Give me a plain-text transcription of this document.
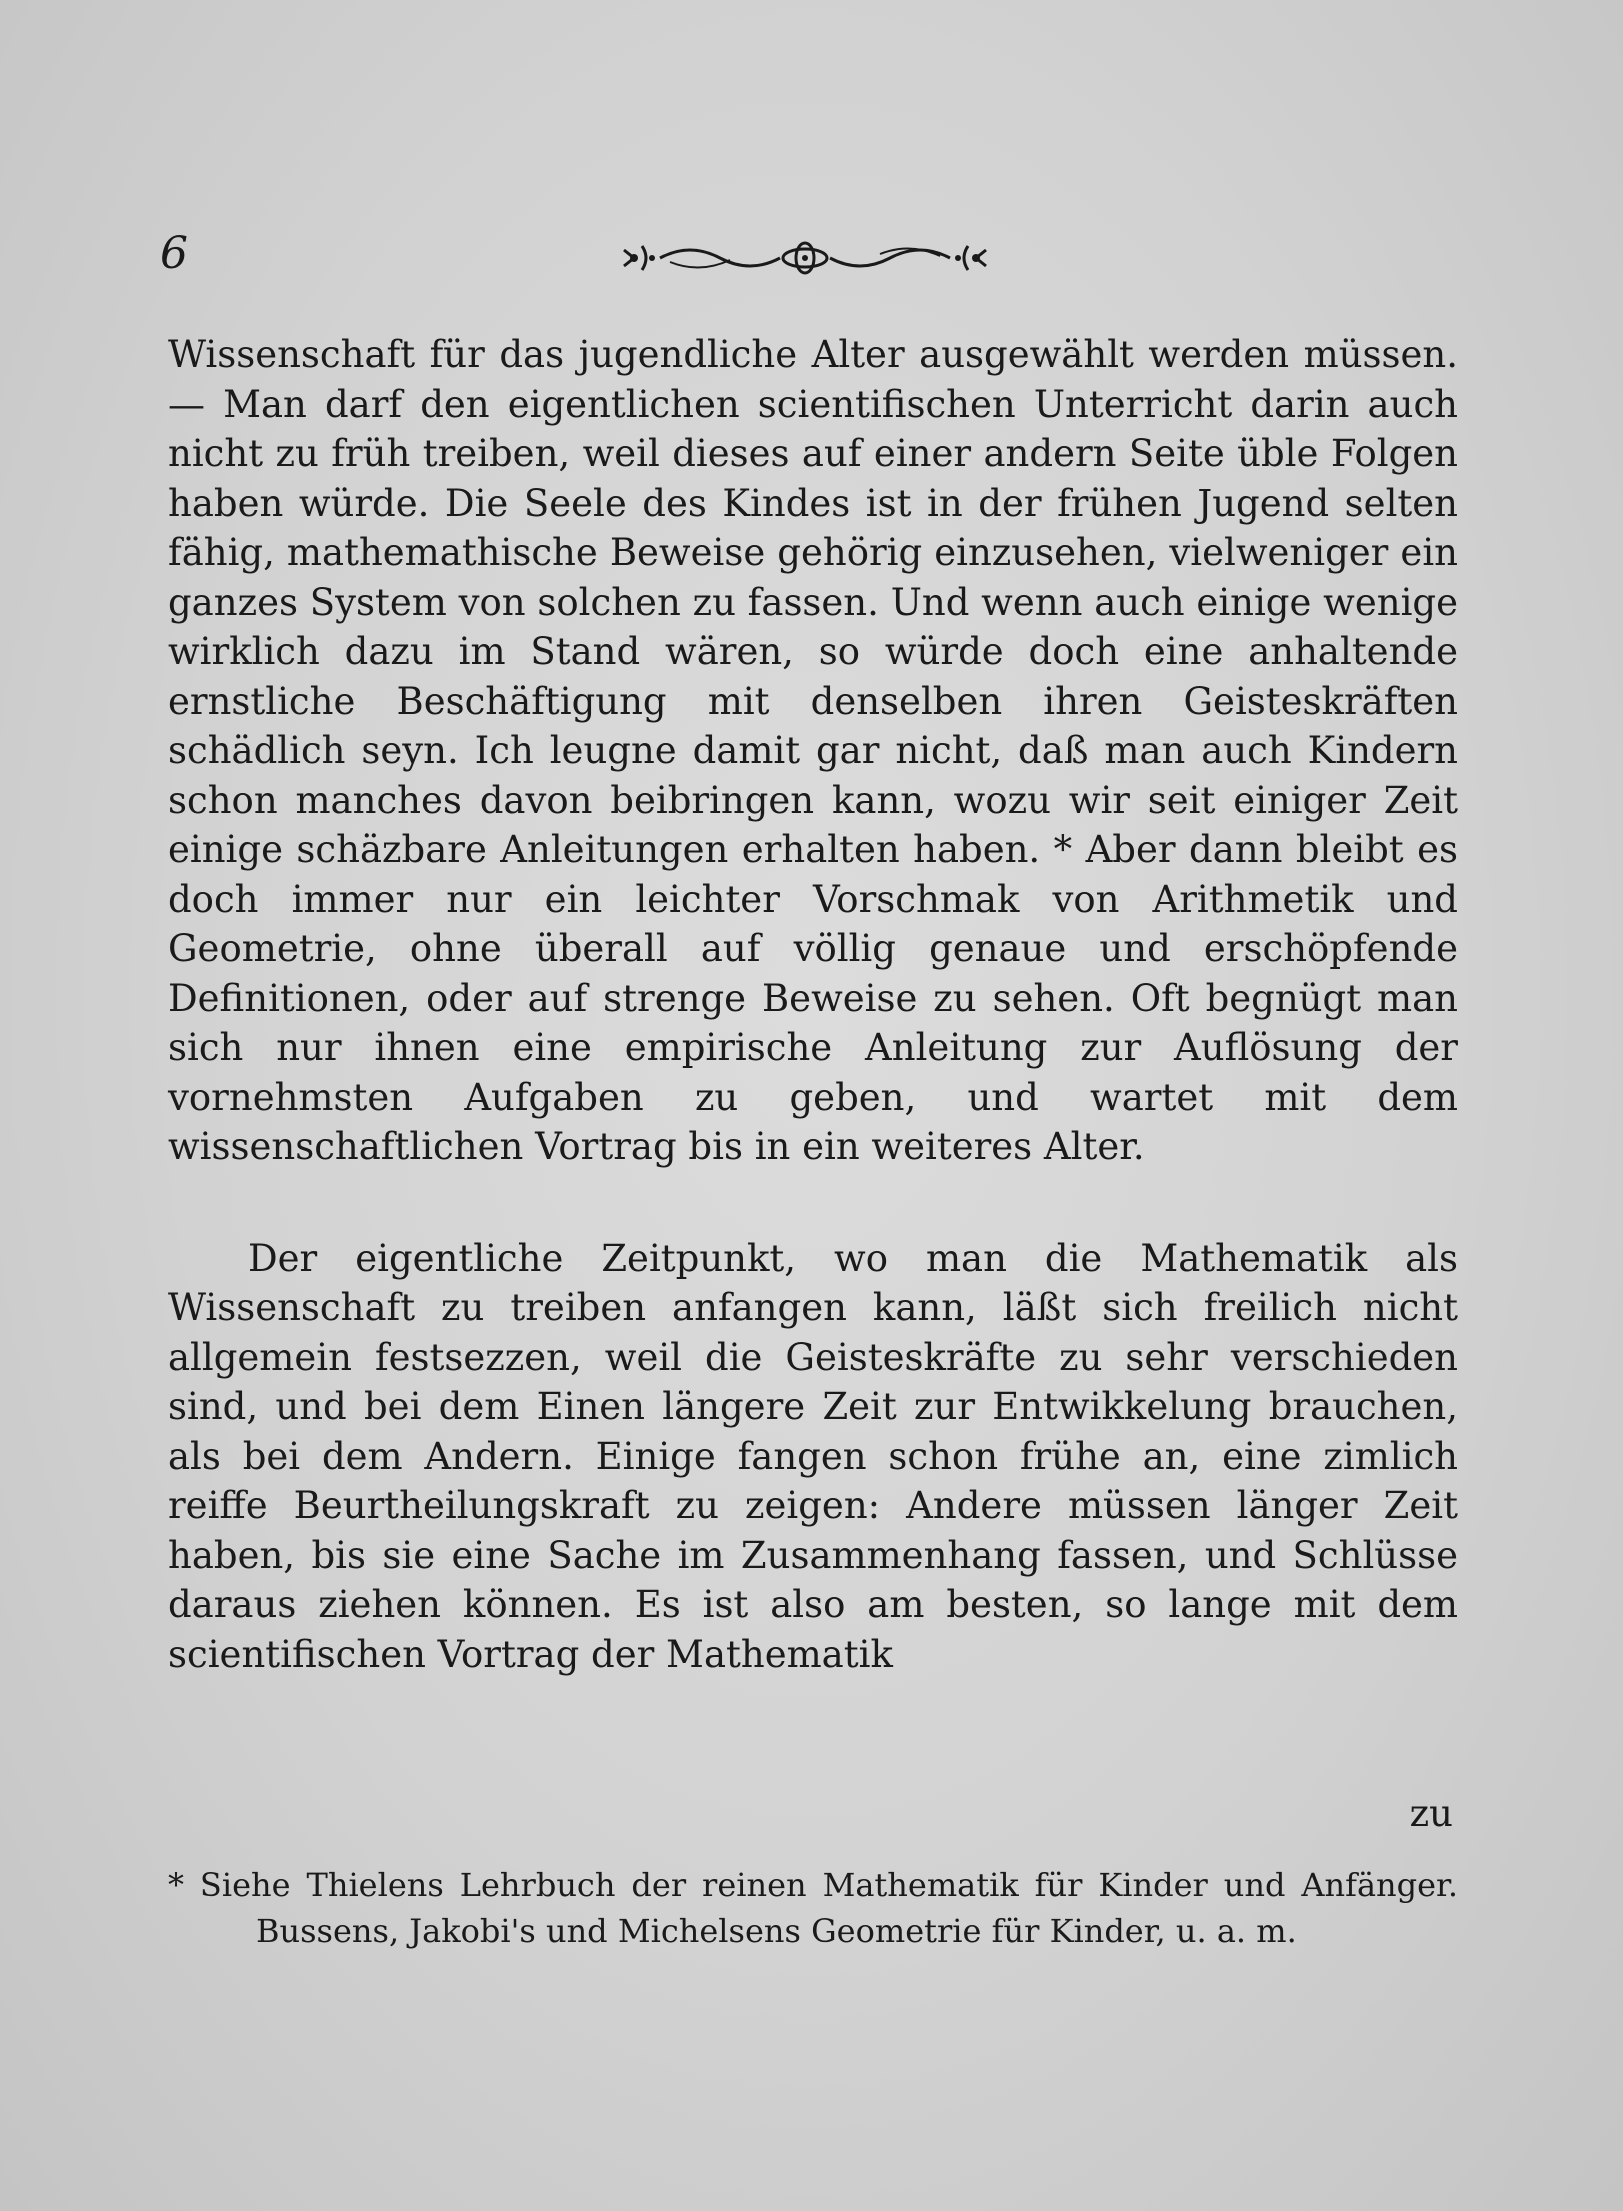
6

Wissenschaft für das jugendliche Alter ausgewählt werden müssen. — Man darf den eigentlichen scientifischen Unterricht darin auch nicht zu früh treiben, weil dieses auf einer andern Seite üble Folgen haben würde. Die Seele des Kindes ist in der frühen Jugend selten fähig, mathemathische Beweise gehörig einzusehen, vielweniger ein ganzes System von solchen zu fassen. Und wenn auch einige wenige wirklich dazu im Stand wären, so würde doch eine anhaltende ernstliche Beschäftigung mit denselben ihren Geisteskräften schädlich seyn. Ich leugne damit gar nicht, daß man auch Kindern schon manches davon beibringen kann, wozu wir seit einiger Zeit einige schäzbare Anleitungen erhalten haben. * Aber dann bleibt es doch immer nur ein leichter Vorschmak von Arithmetik und Geometrie, ohne überall auf völlig genaue und erschöpfende Definitionen, oder auf strenge Beweise zu sehen. Oft begnügt man sich nur ihnen eine empirische Anleitung zur Auflösung der vornehmsten Aufgaben zu geben, und wartet mit dem wissenschaftlichen Vortrag bis in ein weiteres Alter.

Der eigentliche Zeitpunkt, wo man die Mathematik als Wissenschaft zu treiben anfangen kann, läßt sich freilich nicht allgemein festsezzen, weil die Geisteskräfte zu sehr verschieden sind, und bei dem Einen längere Zeit zur Entwikkelung brauchen, als bei dem Andern. Einige fangen schon frühe an, eine zimlich reiffe Beurtheilungskraft zu zeigen: Andere müssen länger Zeit haben, bis sie eine Sache im Zusammenhang fassen, und Schlüsse daraus ziehen können. Es ist also am besten, so lange mit dem scientifischen Vortrag der Mathematik

zu

* Siehe Thielens Lehrbuch der reinen Mathematik für Kinder und Anfänger. Bussens, Jakobi's und Michelsens Geometrie für Kinder, u. a. m.
